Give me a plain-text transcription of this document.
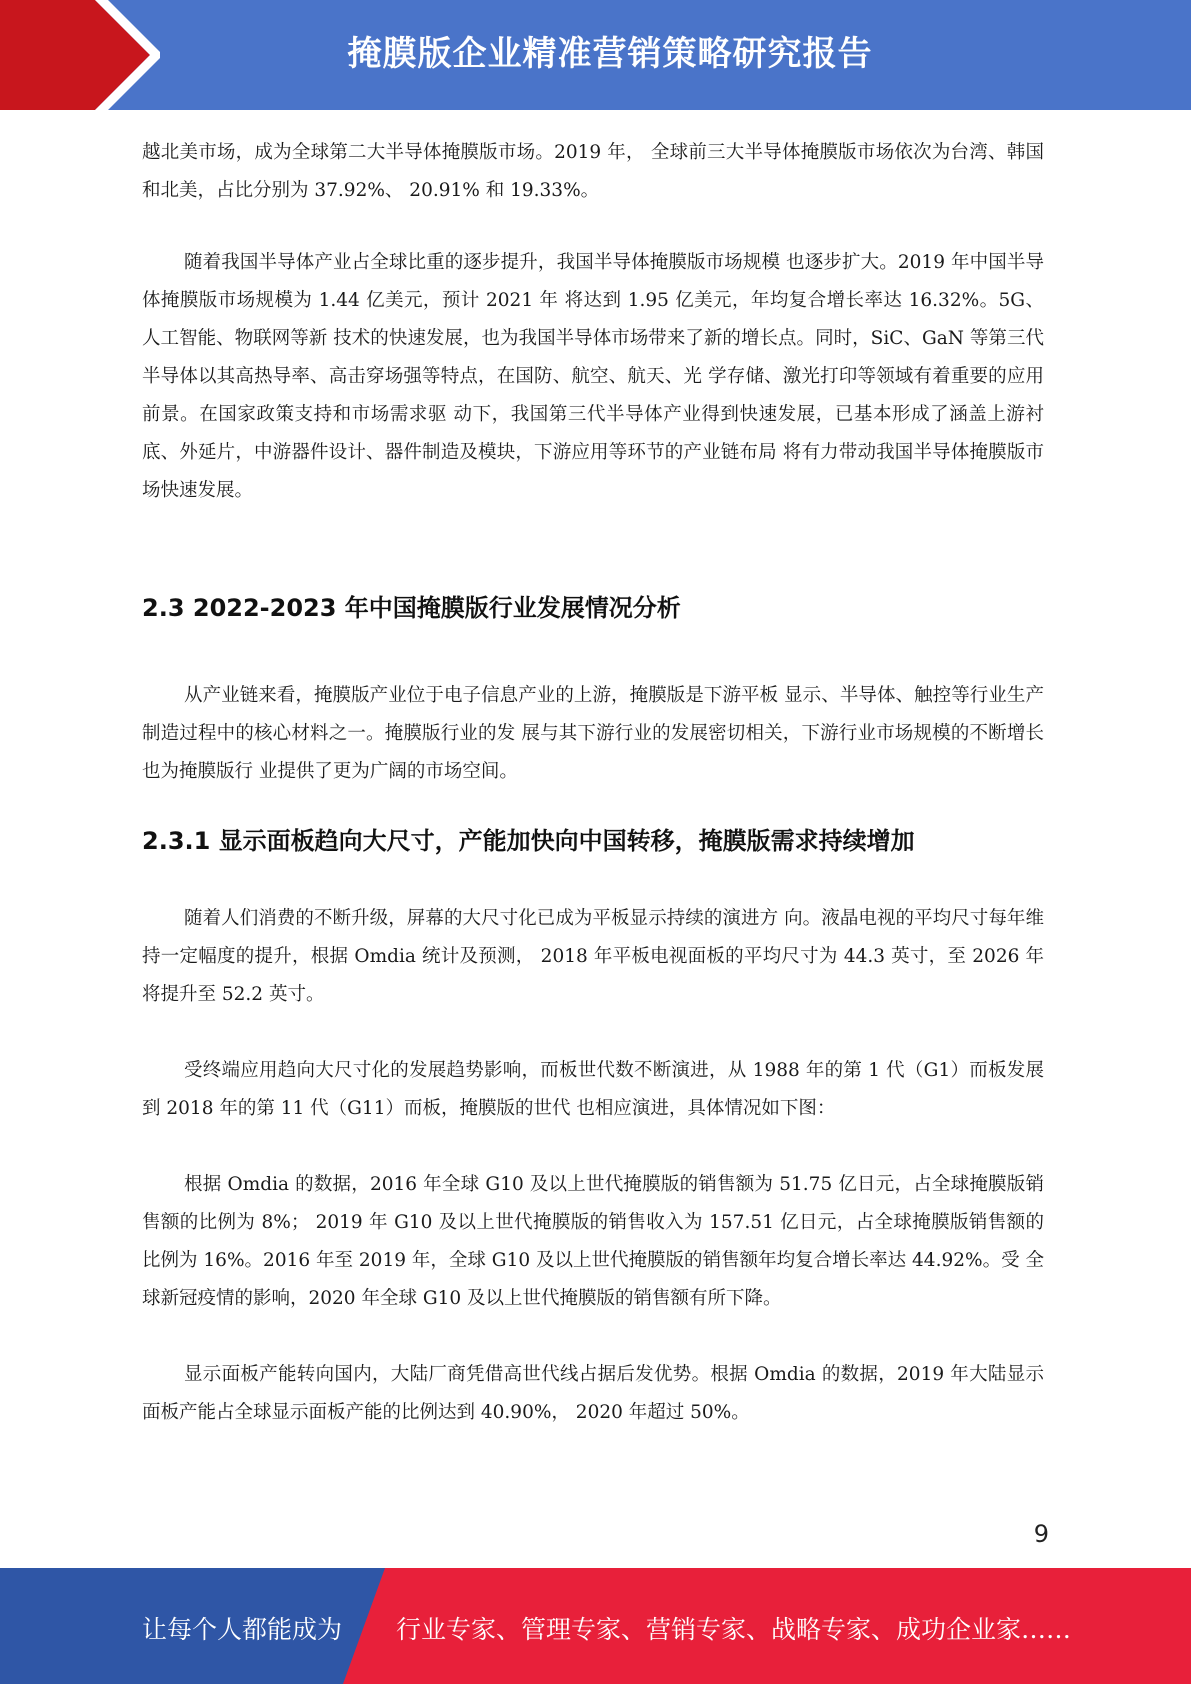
掩膜版企业精准营销策略研究报告

越北美市场，成为全球第二大半导体掩膜版市场。2019 年， 全球前三大半导体掩膜版市场依次为台湾、韩国和北美，占比分别为 37.92%、 20.91% 和 19.33%。

随着我国半导体产业占全球比重的逐步提升，我国半导体掩膜版市场规模 也逐步扩大。2019 年中国半导体掩膜版市场规模为 1.44 亿美元，预计 2021 年 将达到 1.95 亿美元，年均复合增长率达 16.32%。5G、人工智能、物联网等新 技术的快速发展，也为我国半导体市场带来了新的增长点。同时，SiC、GaN 等第三代半导体以其高热导率、高击穿场强等特点，在国防、航空、航天、光 学存储、激光打印等领域有着重要的应用前景。在国家政策支持和市场需求驱 动下，我国第三代半导体产业得到快速发展，已基本形成了涵盖上游衬底、外延片，中游器件设计、器件制造及模块，下游应用等环节的产业链布局 将有力带动我国半导体掩膜版市场快速发展。

2.3 2022-2023 年中国掩膜版行业发展情况分析

从产业链来看，掩膜版产业位于电子信息产业的上游，掩膜版是下游平板 显示、半导体、触控等行业生产制造过程中的核心材料之一。掩膜版行业的发 展与其下游行业的发展密切相关，下游行业市场规模的不断增长也为掩膜版行 业提供了更为广阔的市场空间。

2.3.1 显示面板趋向大尺寸，产能加快向中国转移，掩膜版需求持续增加

随着人们消费的不断升级，屏幕的大尺寸化已成为平板显示持续的演进方 向。液晶电视的平均尺寸每年维持一定幅度的提升，根据 Omdia 统计及预测， 2018 年平板电视面板的平均尺寸为 44.3 英寸，至 2026 年将提升至 52.2 英寸。

受终端应用趋向大尺寸化的发展趋势影响，而板世代数不断演进，从 1988 年的第 1 代（G1）而板发展到 2018 年的第 11 代（G11）而板，掩膜版的世代 也相应演进，具体情况如下图：

根据 Omdia 的数据，2016 年全球 G10 及以上世代掩膜版的销售额为 51.75 亿日元，占全球掩膜版销售额的比例为 8%； 2019 年 G10 及以上世代掩膜版的销售收入为 157.51 亿日元，占全球掩膜版销售额的比例为 16%。2016 年至 2019 年，全球 G10 及以上世代掩膜版的销售额年均复合增长率达 44.92%。受 全球新冠疫情的影响，2020 年全球 G10 及以上世代掩膜版的销售额有所下降。

显示面板产能转向国内，大陆厂商凭借高世代线占据后发优势。根据 Omdia 的数据，2019 年大陆显示面板产能占全球显示面板产能的比例达到 40.90%， 2020 年超过 50%。

9
让每个人都能成为 行业专家、管理专家、营销专家、战略专家、成功企业家……
